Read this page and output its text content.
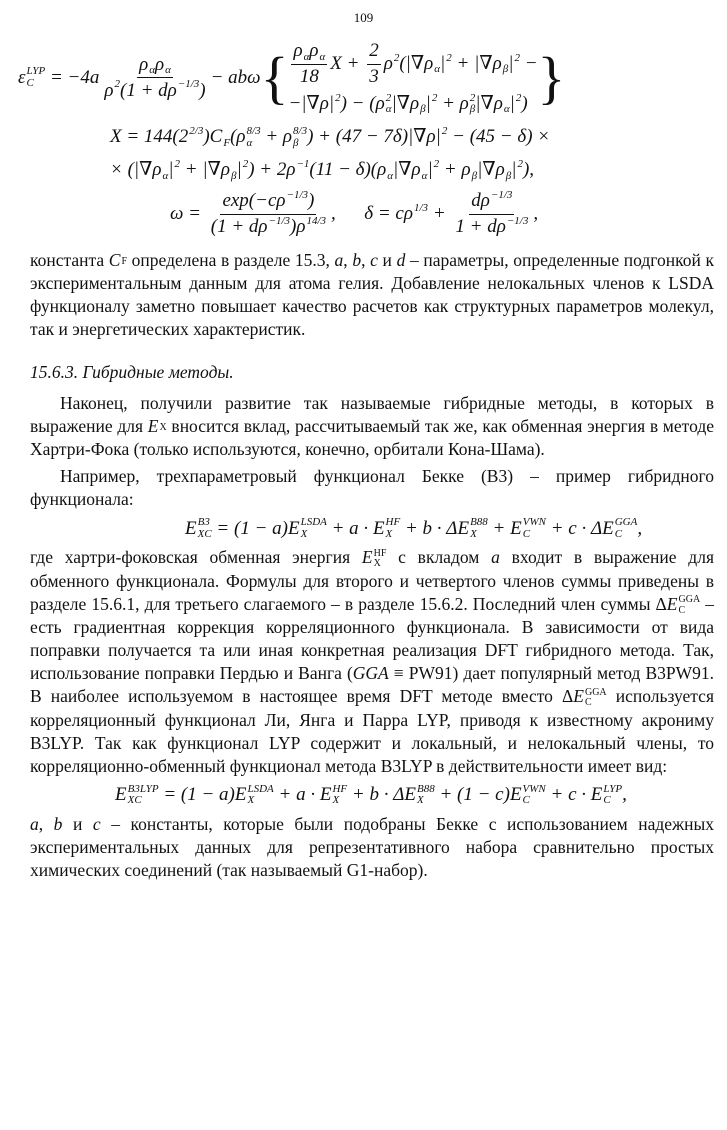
109
ε LYP
C = −4a ρ
α ρ
α
ρ 2
(1 + dρ −1/3
) − abω { ρ
α ρ
α
18 $X + \frac{2}{3}$ ρ 2
(|∇ρ
α | 2
+ |∇ρ
β | 2
−
−|∇ρ| 2
) − (ρ 2
α |∇ρ
β | 2
+ ρ 2
β |∇ρ
α | 2
) }
X = 144(2 2/3
)C
F (ρ 8/3
α + ρ 8/3
β ) + (47 − 7δ)|∇ρ| 2
− (45 − δ) ×
× (|∇ρ
α | 2
+ |∇ρ
β | 2
) + 2ρ −1
(11 − δ)(ρ
α |∇ρ
α | 2
+ ρ
β |∇ρ
β | 2
),
ω = exp(−cρ −1/3
)
(1 + dρ −1/3
)ρ 14/3
,      δ = cρ 1/3
+ $\frac{d\rho -1/3}{1 + d\rho -1/3}$
,
константа C F определена в разделе 15.3, a, b, c и d – параметры, определенные подгонкой к экспериментальным данным для атома гелия. Добавление нелокальных членов к LSDA функционалу заметно повышает качество расчетов как структурных параметров молекул, так и энергетических характеристик.
15.6.3. Гибридные методы.
Наконец, получили развитие так называемые гибридные методы, в которых в выражение для E X вносится вклад, рассчитываемый так же, как обменная энергия в методе Хартри-Фока (только используются, конечно, орбитали Кона-Шама).
Например, трехпараметровый функционал Бекке (B3) – пример гибридного функционала:
E B3
XC = (1 − a) E LSDA
X	+ a · E HF
X + b · Δ E B88
X + E VWN
C + c · Δ E GGA
C ,
где хартри-фоковская обменная энергия E HF
X с вкладом a входит в выражение для обменного функционала. Формулы для второго и четвертого членов суммы приведены в разделе 15.6.1, для третьего слагаемого – в разделе 15.6.2. Последний член суммы ΔE GGA
C – есть градиентная коррекция корреляционного функционала. В зависимости от вида поправки получается та или иная конкретная реализация DFT гибридного метода. Так, использование поправки Пердью и Ванга (GGA ≡ PW91) дает популярный метод B3PW91. В наиболее используемом в настоящее время DFT методе вместо ΔE GGA
C используется корреляционный функционал Ли, Янга и Парра LYP, приводя к известному акрониму B3LYP. Так как функционал LYP содержит и локальный, и нелокальный члены, то корреляционно-обменный функционал метода B3LYP в действительности имеет вид:
E B3LYP
XC = (1 − a) E LSDA
X	+ a · E HF
X + b · Δ E B88
X + (1 − c) E VWN
C + c · E LYP
C ,
a, b и c – константы, которые были подобраны Бекке с использованием надежных экспериментальных данных для репрезентативного набора сравнительно простых химических соединений (так называемый G1-набор).
